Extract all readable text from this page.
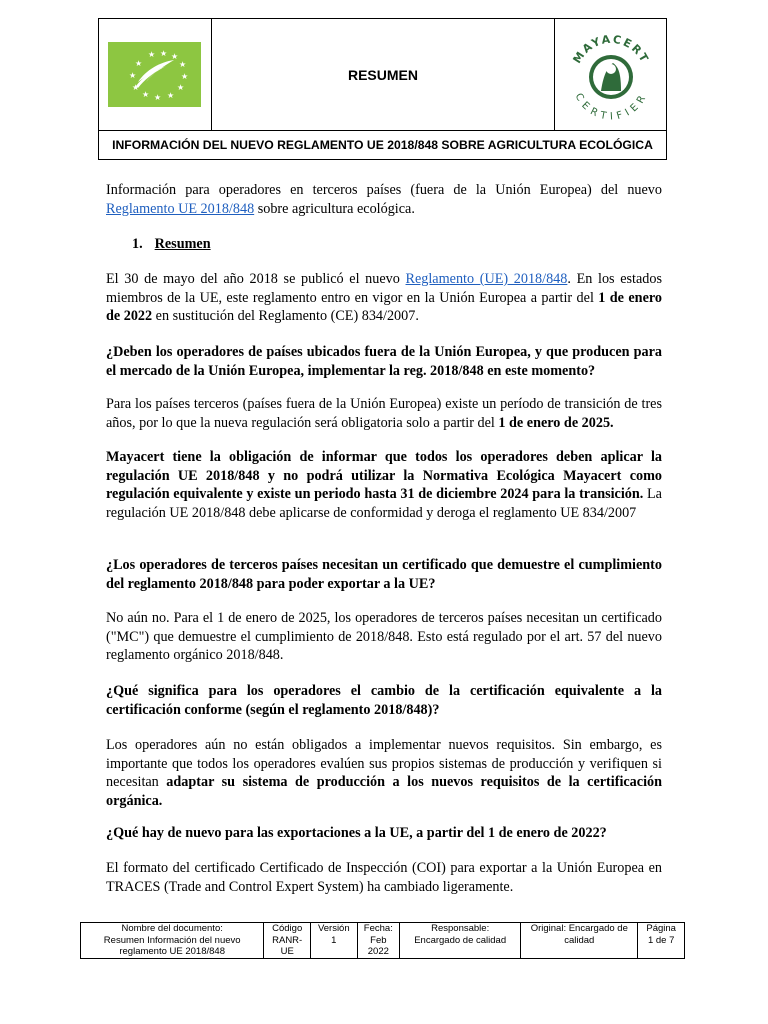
★ ★ ★
★
★
★
★
★
★
★
★
★
RESUMEN
MAYACERT
CERTIFIER
INFORMACIÓN DEL NUEVO REGLAMENTO UE 2018/848 SOBRE AGRICULTURA ECOLÓGICA
Información para operadores en terceros países (fuera de la Unión Europea) del nuevo Reglamento UE 2018/848 sobre agricultura ecológica.
1. Resumen
El 30 de mayo del año 2018 se publicó el nuevo Reglamento (UE) 2018/848. En los estados miembros de la UE, este reglamento entro en vigor en la Unión Europea a partir del 1 de enero de 2022 en sustitución del Reglamento (CE) 834/2007.
¿Deben los operadores de países ubicados fuera de la Unión Europea, y que producen para el mercado de la Unión Europea, implementar la reg. 2018/848 en este momento?
Para los países terceros (países fuera de la Unión Europea) existe un período de transición de tres años, por lo que la nueva regulación será obligatoria solo a partir del 1 de enero de 2025.
Mayacert tiene la obligación de informar que todos los operadores deben aplicar la regulación UE 2018/848 y no podrá utilizar la Normativa Ecológica Mayacert como regulación equivalente y existe un periodo hasta 31 de diciembre 2024 para la transición. La regulación UE 2018/848 debe aplicarse de conformidad y deroga el reglamento UE 834/2007
¿Los operadores de terceros países necesitan un certificado que demuestre el cumplimiento del reglamento 2018/848 para poder exportar a la UE?
No aún no. Para el 1 de enero de 2025, los operadores de terceros países necesitan un certificado ("MC") que demuestre el cumplimiento de 2018/848. Esto está regulado por el art. 57 del nuevo reglamento orgánico 2018/848.
¿Qué significa para los operadores el cambio de la certificación equivalente a la certificación conforme (según el reglamento 2018/848)?
Los operadores aún no están obligados a implementar nuevos requisitos. Sin embargo, es importante que todos los operadores evalúen sus propios sistemas de producción y verifiquen si necesitan adaptar su sistema de producción a los nuevos requisitos de la certificación orgánica.
¿Qué hay de nuevo para las exportaciones a la UE, a partir del 1 de enero de 2022?
El formato del certificado Certificado de Inspección (COI) para exportar a la Unión Europea en TRACES (Trade and Control Expert System) ha cambiado ligeramente.
Nombre del documento:
Resumen Información del nuevo
reglamento UE 2018/848

Código
RANR-
UE

Versión
1

Fecha:
Feb
2022

Responsable:
Encargado de calidad

Original: Encargado de
calidad

Página
1 de 7
